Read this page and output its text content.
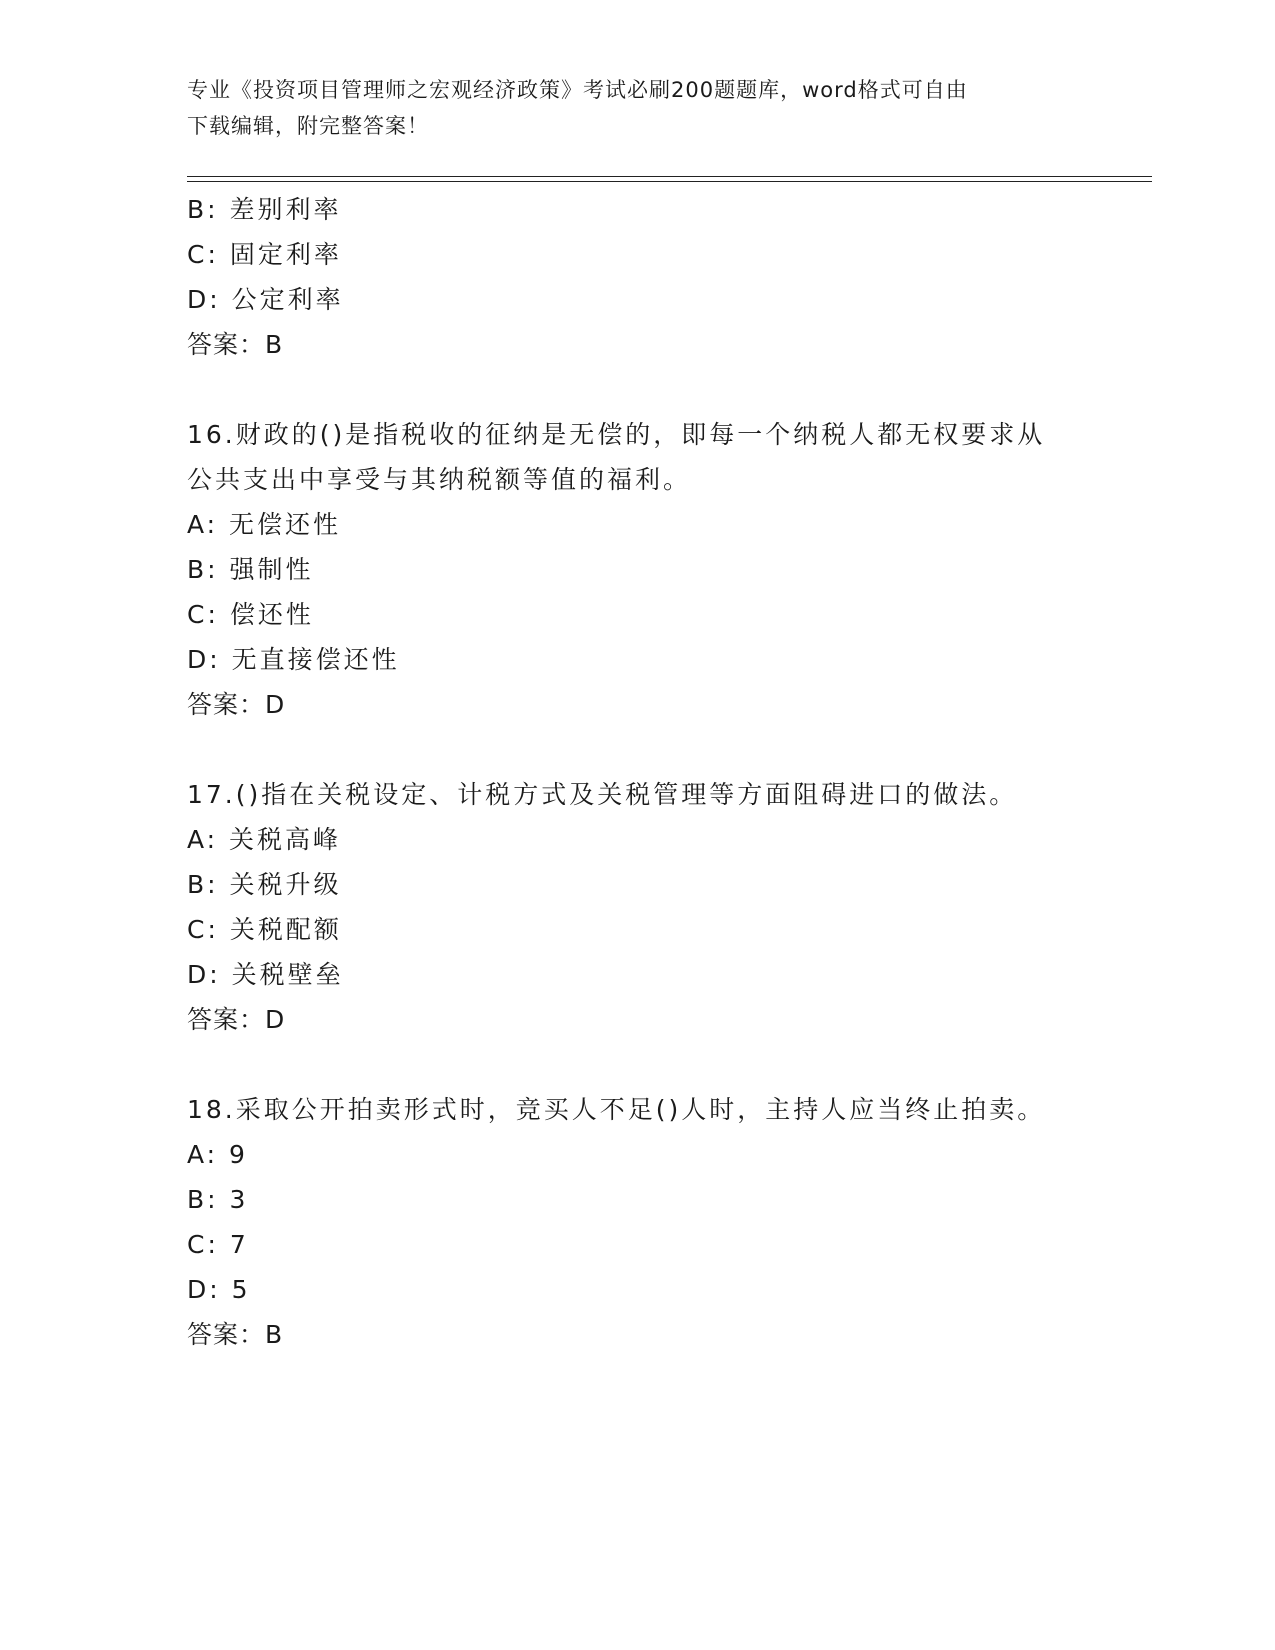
专业《投资项目管理师之宏观经济政策》考试必刷200题题库，word格式可自由
下载编辑，附完整答案！
B: 差别利率
C: 固定利率
D: 公定利率
答案：B
16.财政的()是指税收的征纳是无偿的，即每一个纳税人都无权要求从
公共支出中享受与其纳税额等值的福利。
A: 无偿还性
B: 强制性
C: 偿还性
D: 无直接偿还性
答案：D
17.()指在关税设定、计税方式及关税管理等方面阻碍进口的做法。
A: 关税高峰
B: 关税升级
C: 关税配额
D: 关税壁垒
答案：D
18.采取公开拍卖形式时，竞买人不足()人时，主持人应当终止拍卖。
A: 9
B: 3
C: 7
D: 5
答案：B
